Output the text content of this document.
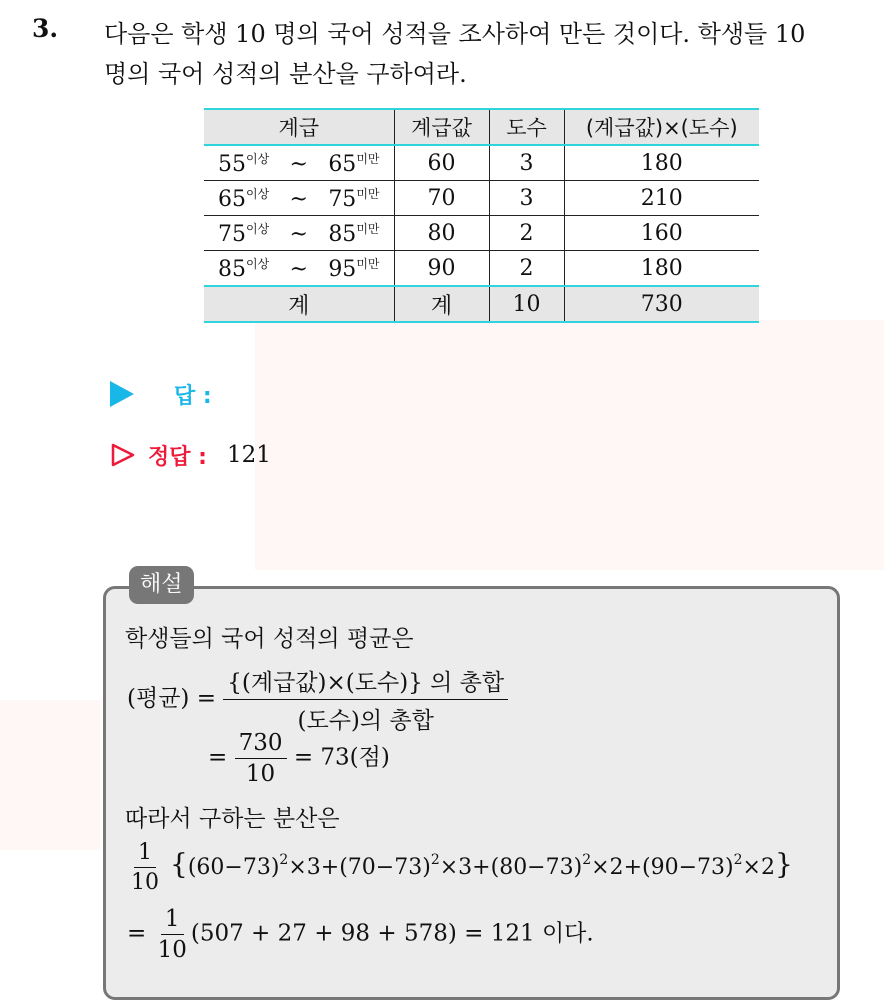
3. 다음은 학생 10 명의 국어 성적을 조사하여 만든 것이다. 학생들 10
명의 국어 성적의 분산을 구하여라.
계급	계급값	도수	(계급값)×(도수)

$55^{이상}$ ~ $65^{미만}$	60	3	180

$65^{이상}$ ~ $75^{미만}$	70	3	210

$75^{이상}$ ~ $85^{미만}$	80	2	160

$85^{이상}$ ~ $95^{미만}$	90	2	180
계	계	10	730
답 :
정답 : 121
해설
학생들의 국어 성적의 평균은
(평균) = $\frac{\text{\{(계급값)×(도수)\} 의 총합}}{\text{(도수)의 총합}}$
= $\frac{730}{10} = 73$(점)
따라서 구하는 분산은
$\frac{1}{10} \{(60-73)^2\times 3+(70-73)^2\times 3+(80-73)^2\times 2+(90-73)^2\times 2\}$
= $\frac{1}{10} (507 + 27 + 98 + 578) = 121$ 이다.
